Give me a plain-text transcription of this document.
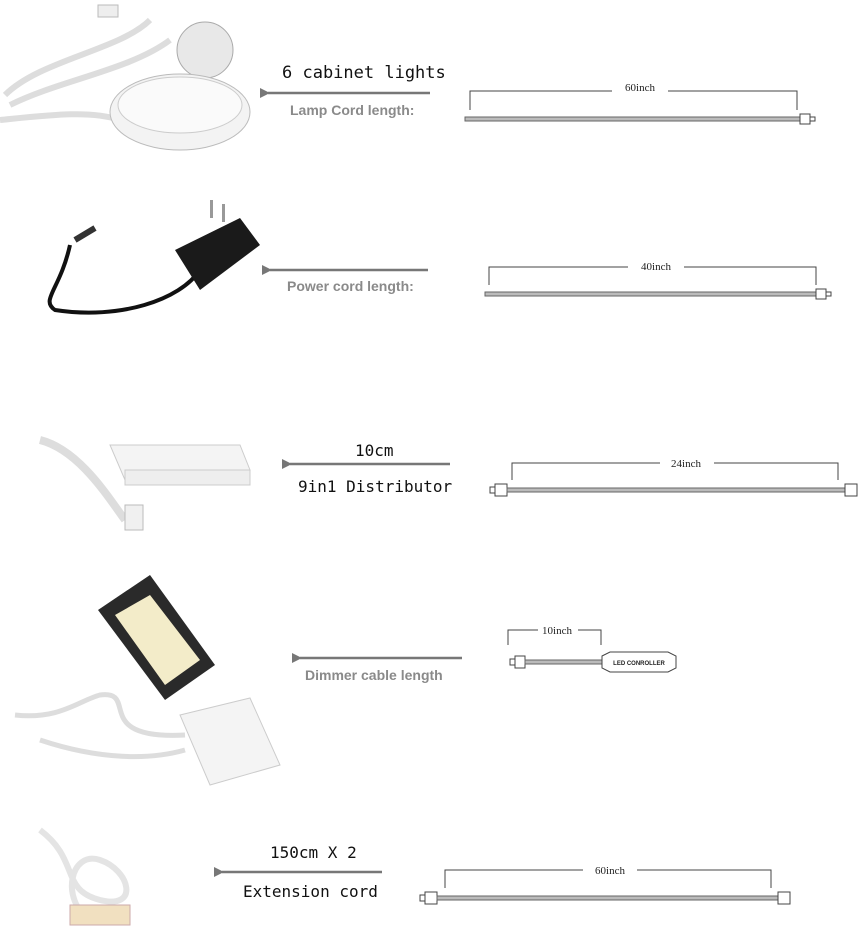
6 cabinet lights
Lamp Cord length:
60inch
Power cord length:
40inch
10cm
9in1 Distributor
24inch
Dimmer cable length
10inch
LED CONROLLER
150cm X 2
Extension cord
60inch
